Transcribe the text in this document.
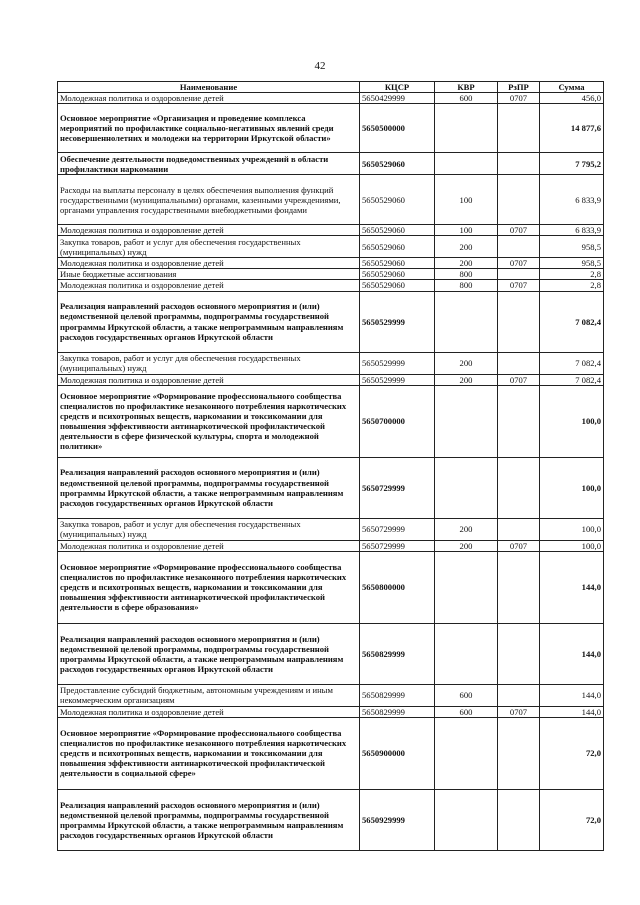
42
Наименование	КЦСР	КВР	РзПР	Сумма
Молодежная политика и оздоровление детей	5650429999	600	0707	456,0
Основное мероприятие «Организация и проведение комплекса мероприятий по профилактике социально-негативных явлений среди несовершеннолетних и молодежи на территории Иркутской области»	5650500000			14 877,6
Обеспечение деятельности подведомственных учреждений в области профилактики наркомании	5650529060			7 795,2
Расходы на выплаты персоналу в целях обеспечения выполнения функций государственными (муниципальными) органами, казенными учреждениями, органами управления государственными внебюджетными фондами	5650529060	100		6 833,9
Молодежная политика и оздоровление детей	5650529060	100	0707	6 833,9
Закупка товаров, работ и услуг для обеспечения государственных (муниципальных) нужд	5650529060	200		958,5
Молодежная политика и оздоровление детей	5650529060	200	0707	958,5
Иные бюджетные ассигнования	5650529060	800		2,8
Молодежная политика и оздоровление детей	5650529060	800	0707	2,8
Реализация направлений расходов основного мероприятия и (или) ведомственной целевой программы, подпрограммы государственной программы Иркутской области, а также непрограммным направлениям расходов государственных органов Иркутской области	5650529999			7 082,4
Закупка товаров, работ и услуг для обеспечения государственных (муниципальных) нужд	5650529999	200		7 082,4
Молодежная политика и оздоровление детей	5650529999	200	0707	7 082,4
Основное мероприятие «Формирование профессионального сообщества специалистов по профилактике незаконного потребления наркотических средств и психотропных веществ, наркомании и токсикомании для повышения эффективности антинаркотической профилактической деятельности в сфере физической культуры, спорта и молодежной политики»	5650700000			100,0
Реализация направлений расходов основного мероприятия и (или) ведомственной целевой программы, подпрограммы государственной программы Иркутской области, а также непрограммным направлениям расходов государственных органов Иркутской области	5650729999			100,0
Закупка товаров, работ и услуг для обеспечения государственных (муниципальных) нужд	5650729999	200		100,0
Молодежная политика и оздоровление детей	5650729999	200	0707	100,0
Основное мероприятие «Формирование профессионального сообщества специалистов по профилактике незаконного потребления наркотических средств и психотропных веществ, наркомании и токсикомании для повышения эффективности антинаркотической профилактической деятельности в сфере образования»	5650800000			144,0
Реализация направлений расходов основного мероприятия и (или) ведомственной целевой программы, подпрограммы государственной программы Иркутской области, а также непрограммным направлениям расходов государственных органов Иркутской области	5650829999			144,0
Предоставление субсидий бюджетным, автономным учреждениям и иным некоммерческим организациям	5650829999	600		144,0
Молодежная политика и оздоровление детей	5650829999	600	0707	144,0
Основное мероприятие «Формирование профессионального сообщества специалистов по профилактике незаконного потребления наркотических средств и психотропных веществ, наркомании и токсикомании для повышения эффективности антинаркотической профилактической деятельности в социальной сфере»	5650900000			72,0
Реализация направлений расходов основного мероприятия и (или) ведомственной целевой программы, подпрограммы государственной программы Иркутской области, а также непрограммным направлениям расходов государственных органов Иркутской области	5650929999			72,0
